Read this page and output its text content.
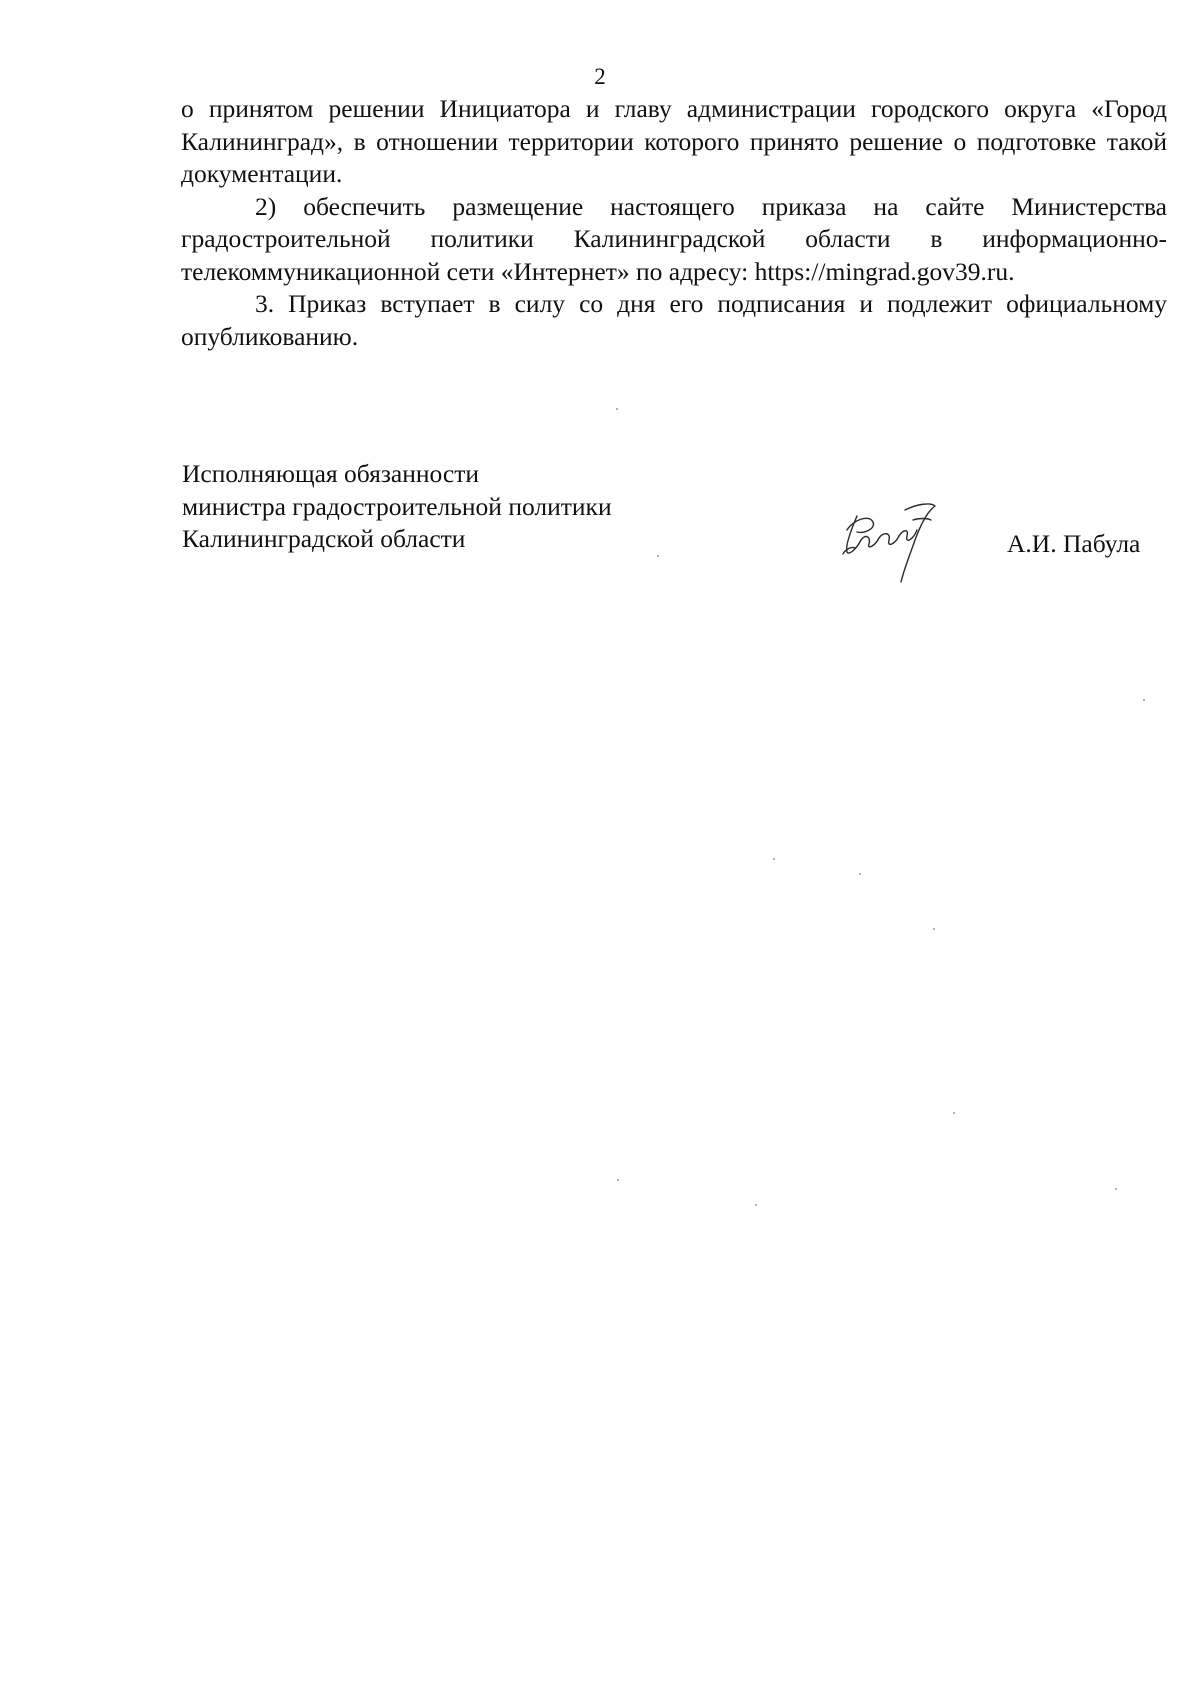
2

о принятом решении Инициатора и главу администрации городского округа «Город Калининград», в отношении территории которого принято решение о подготовке такой документации.

2) обеспечить размещение настоящего приказа на сайте Министерства градостроительной политики Калининградской области в информационно-телекоммуникационной сети «Интернет» по адресу: https://mingrad.gov39.ru.

3. Приказ вступает в силу со дня его подписания и подлежит официальному опубликованию.

Исполняющая обязанности
министра градостроительной политики
Калининградской области	А.И. Пабула
